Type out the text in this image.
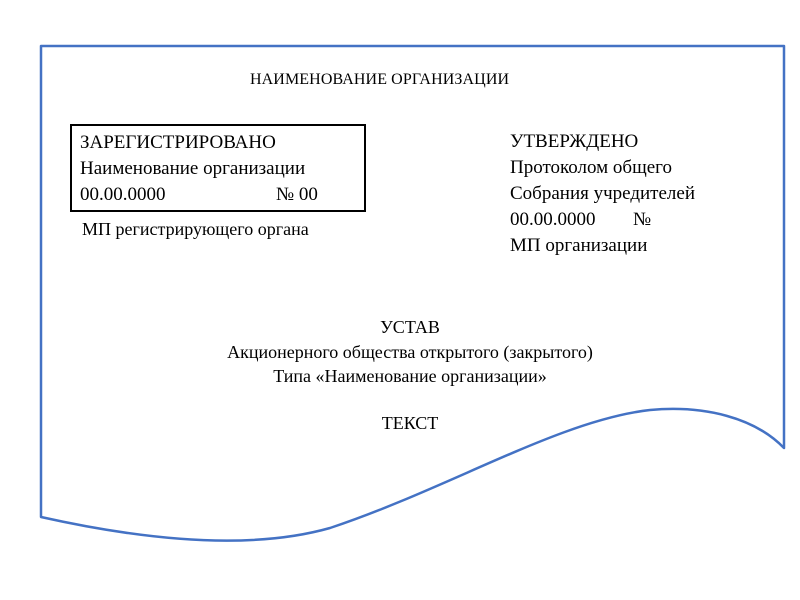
НАИМЕНОВАНИЕ ОРГАНИЗАЦИИ
ЗАРЕГИСТРИРОВАНО
Наименование организации
00.00.0000	№ 00
МП регистрирующего органа
УТВЕРЖДЕНО
Протоколом общего
Собрания учредителей
00.00.0000 №
МП организации
УСТАВ
Акционерного общества открытого (закрытого)
Типа «Наименование организации»
ТЕКСТ
